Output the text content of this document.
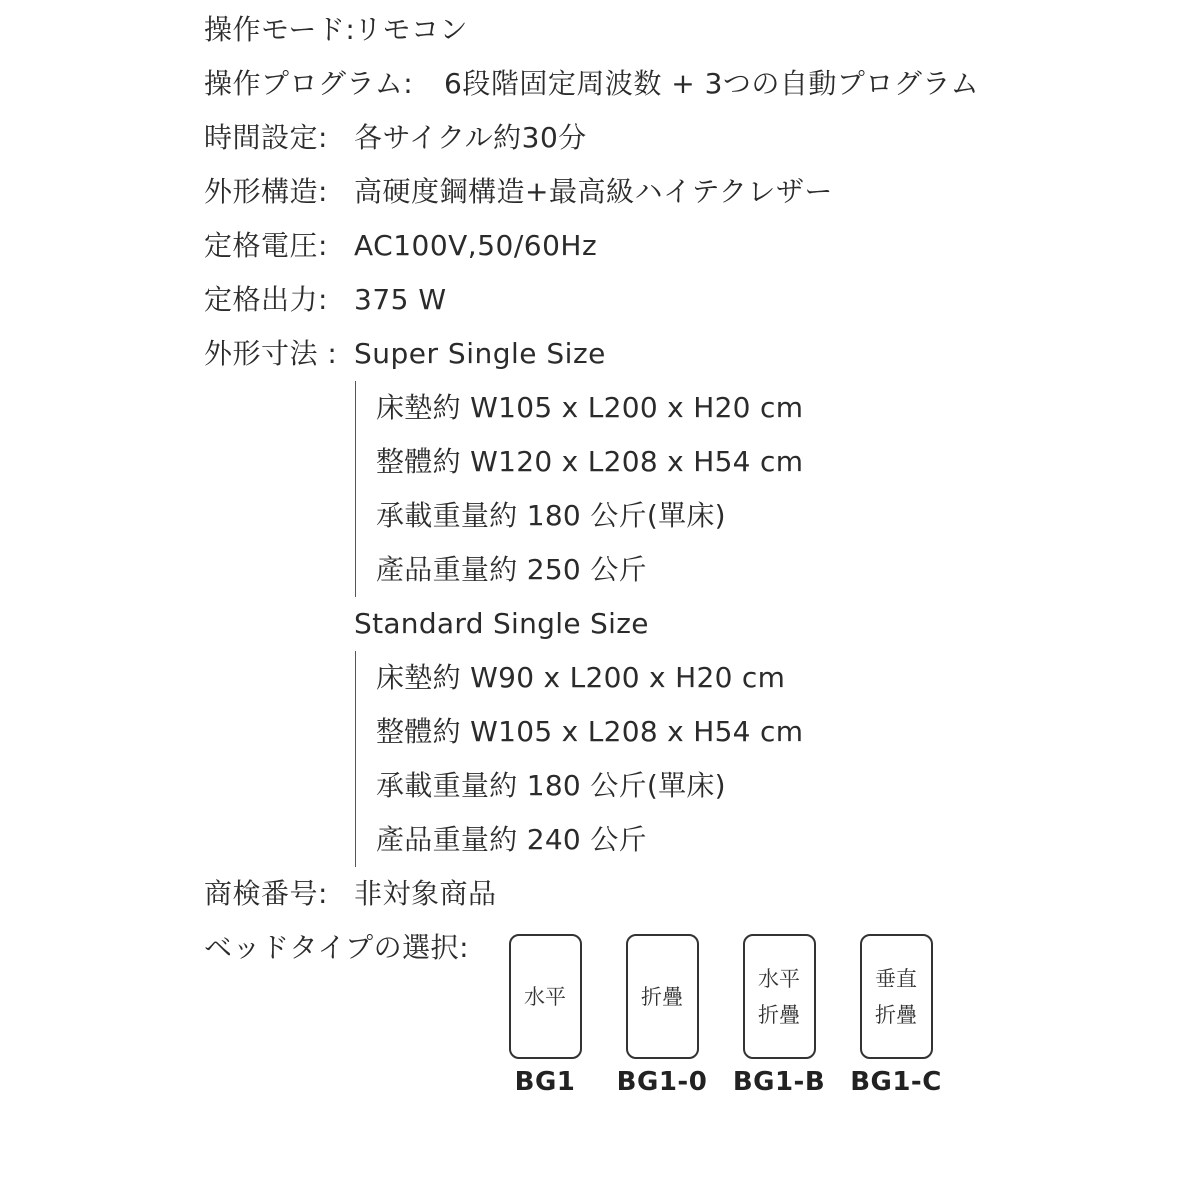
操作モード:リモコン
操作プログラム: 6段階固定周波数 + 3つの自動プログラム
時間設定: 各サイクル約30分
外形構造: 高硬度鋼構造+最高級ハイテクレザー
定格電圧: AC100V,50/60Hz
定格出力: 375 W
外形寸法 : Super Single Size
床墊約 W105 x L200 x H20 cm
整體約 W120 x L208 x H54 cm
承載重量約 180 公斤(單床)
產品重量約 250 公斤
Standard Single Size
床墊約 W90 x L200 x H20 cm
整體約 W105 x L208 x H54 cm
承載重量約 180 公斤(單床)
產品重量約 240 公斤
商検番号: 非対象商品
ベッドタイプの選択:
水平
BG1
折疊
BG1-0
水平
折疊
BG1-B
垂直
折疊
BG1-C
